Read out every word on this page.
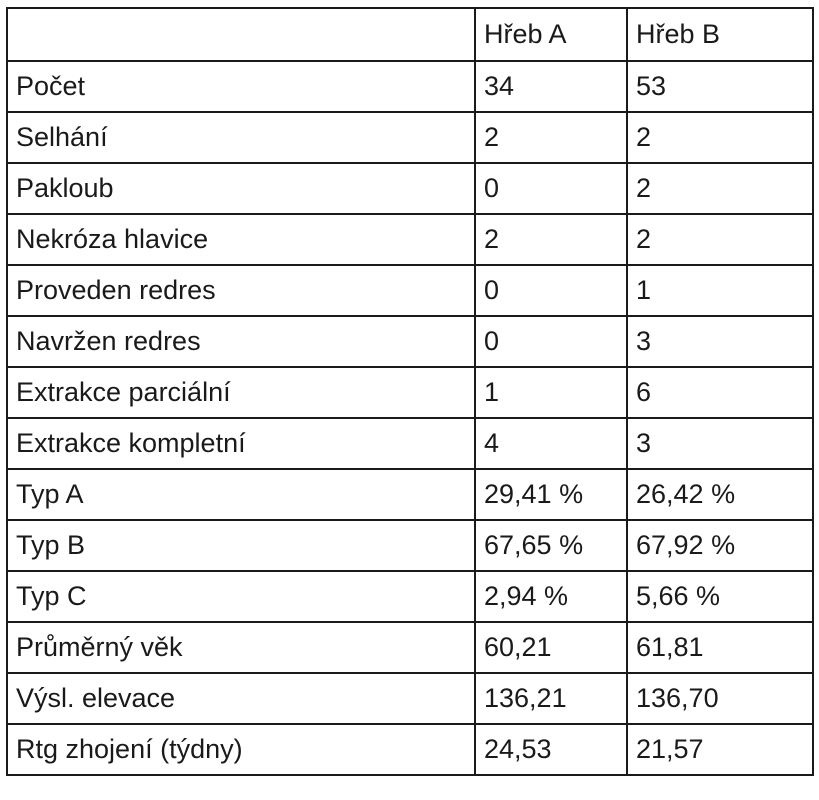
	Hřeb A	Hřeb B
Počet	34	53
Selhání	2	2
Pakloub	0	2
Nekróza hlavice	2	2
Proveden redres	0	1
Navržen redres	0	3
Extrakce parciální	1	6
Extrakce kompletní	4	3
Typ A	29,41 %	26,42 %
Typ B	67,65 %	67,92 %
Typ C	2,94 %	5,66 %
Průměrný věk	60,21	61,81
Výsl. elevace	136,21	136,70
Rtg zhojení (týdny)	24,53	21,57
